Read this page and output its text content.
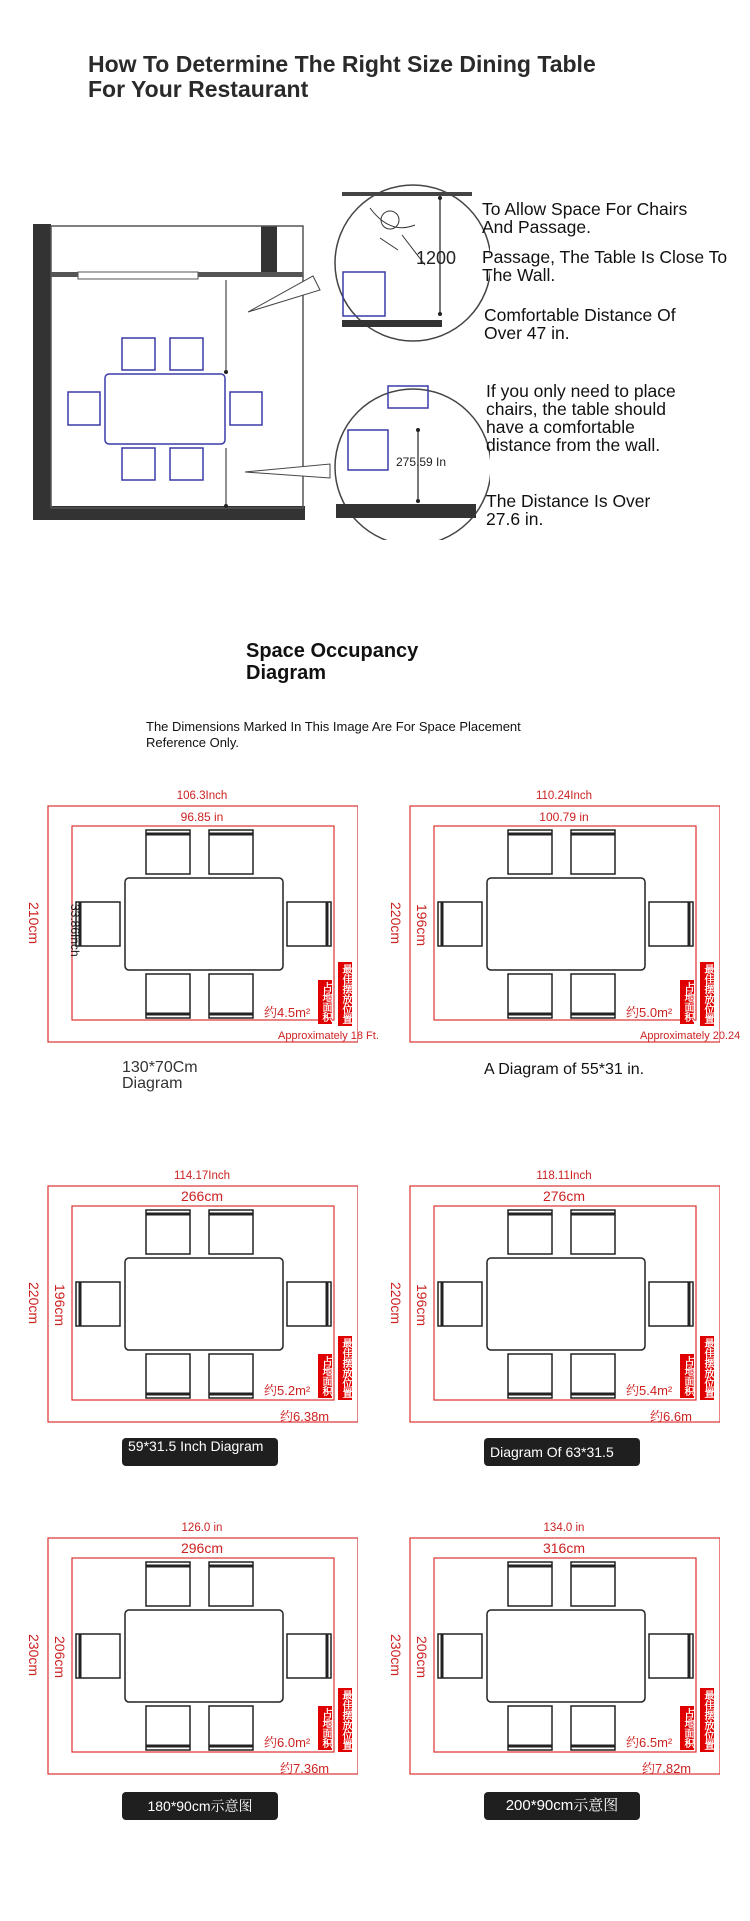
How To Determine The Right Size Dining Table For Your Restaurant
1200
275.59 In
To Allow Space For Chairs And Passage.
Passage, The Table Is Close To The Wall.
Comfortable Distance Of Over 47 in.
If you only need to place chairs, the table should have a comfortable distance from the wall.
The Distance Is Over 27.6 in.
Space Occupancy Diagram
The Dimensions Marked In This Image Are For Space Placement Reference Only.
106.3Inch
96.85 in
210cm 33.86Inch
约4.5m² 占地面积 最佳摆放位置
Approximately 18 Ft.
130*70Cm Diagram
110.24Inch
100.79 in
220cm 196cm
约5.0m² 占地面积 最佳摆放位置
Approximately 20.24
A Diagram of 55*31 in.
114.17Inch
266cm
220cm 196cm
约5.2m² 占地面积 最佳摆放位置
约6.38m
59*31.5 Inch Diagram
118.11Inch
276cm
220cm 196cm
约5.4m² 占地面积 最佳摆放位置
约6.6m
Diagram Of 63*31.5
126.0 in
296cm
230cm 206cm
约6.0m² 占地面积 最佳摆放位置
约7.36m
180*90cm示意图
134.0 in
316cm
230cm 206cm
约6.5m² 占地面积 最佳摆放位置
约7.82m
200*90cm示意图
